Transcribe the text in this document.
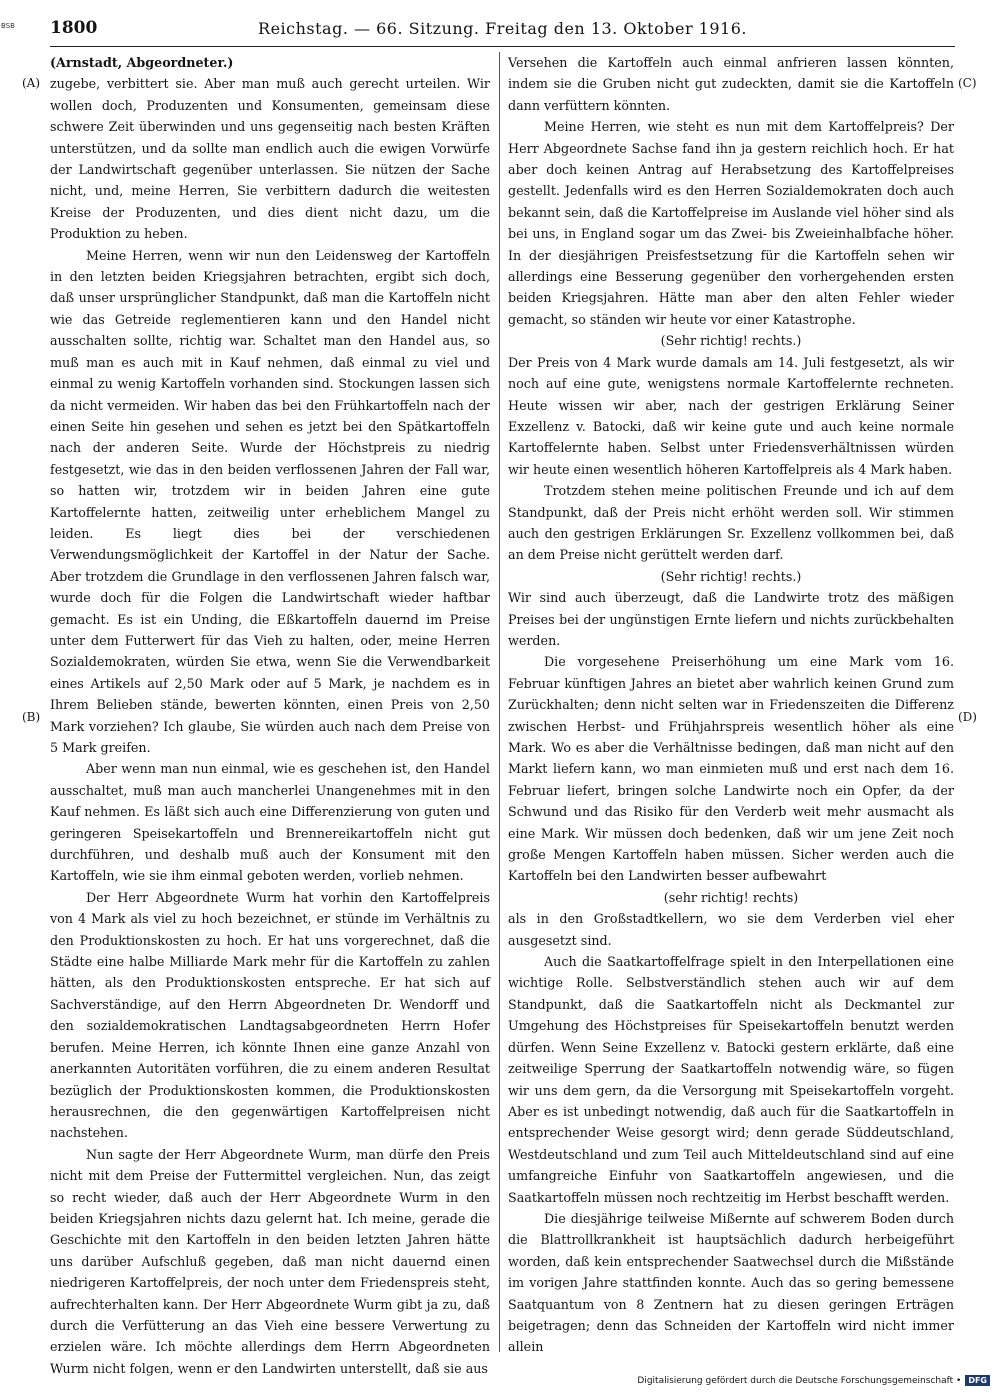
BSB 1800	Reichstag. — 66. Sitzung. Freitag den 13. Oktober 1916.
(A)
(B)
(C)
(D)

(Arnstadt, Abgeordneter.)

zugebe, verbittert sie. Aber man muß auch gerecht urteilen. Wir wollen doch, Produzenten und Konsumenten, gemeinsam diese schwere Zeit überwinden und uns gegenseitig nach besten Kräften unterstützen, und da sollte man endlich auch die ewigen Vorwürfe der Landwirtschaft gegenüber unterlassen. Sie nützen der Sache nicht, und, meine Herren, Sie verbittern dadurch die weitesten Kreise der Produzenten, und dies dient nicht dazu, um die Produktion zu heben.

Meine Herren, wenn wir nun den Leidensweg der Kartoffeln in den letzten beiden Kriegsjahren betrachten, ergibt sich doch, daß unser ursprünglicher Standpunkt, daß man die Kartoffeln nicht wie das Getreide reglementieren kann und den Handel nicht ausschalten sollte, richtig war. Schaltet man den Handel aus, so muß man es auch mit in Kauf nehmen, daß einmal zu viel und einmal zu wenig Kartoffeln vorhanden sind. Stockungen lassen sich da nicht vermeiden. Wir haben das bei den Frühkartoffeln nach der einen Seite hin gesehen und sehen es jetzt bei den Spätkartoffeln nach der anderen Seite. Wurde der Höchstpreis zu niedrig festgesetzt, wie das in den beiden verflossenen Jahren der Fall war, so hatten wir, trotzdem wir in beiden Jahren eine gute Kartoffelernte hatten, zeitweilig unter erheblichem Mangel zu leiden. Es liegt dies bei der verschiedenen Verwendungsmöglichkeit der Kartoffel in der Natur der Sache. Aber trotzdem die Grundlage in den verflossenen Jahren falsch war, wurde doch für die Folgen die Landwirtschaft wieder haftbar gemacht. Es ist ein Unding, die Eßkartoffeln dauernd im Preise unter dem Futterwert für das Vieh zu halten, oder, meine Herren Sozialdemokraten, würden Sie etwa, wenn Sie die Verwendbarkeit eines Artikels auf 2,50 Mark oder auf 5 Mark, je nachdem es in Ihrem Belieben stände, bewerten könnten, einen Preis von 2,50 Mark vorziehen? Ich glaube, Sie würden auch nach dem Preise von 5 Mark greifen.

Aber wenn man nun einmal, wie es geschehen ist, den Handel ausschaltet, muß man auch mancherlei Unangenehmes mit in den Kauf nehmen. Es läßt sich auch eine Differenzierung von guten und geringeren Speisekartoffeln und Brennereikartoffeln nicht gut durchführen, und deshalb muß auch der Konsument mit den Kartoffeln, wie sie ihm einmal geboten werden, vorlieb nehmen.

Der Herr Abgeordnete Wurm hat vorhin den Kartoffelpreis von 4 Mark als viel zu hoch bezeichnet, er stünde im Verhältnis zu den Produktionskosten zu hoch. Er hat uns vorgerechnet, daß die Städte eine halbe Milliarde Mark mehr für die Kartoffeln zu zahlen hätten, als den Produktionskosten entspreche. Er hat sich auf Sachverständige, auf den Herrn Abgeordneten Dr. Wendorff und den sozialdemokratischen Landtagsabgeordneten Herrn Hofer berufen. Meine Herren, ich könnte Ihnen eine ganze Anzahl von anerkannten Autoritäten vorführen, die zu einem anderen Resultat bezüglich der Produktionskosten kommen, die Produktionskosten herausrechnen, die den gegenwärtigen Kartoffelpreisen nicht nachstehen.

Nun sagte der Herr Abgeordnete Wurm, man dürfe den Preis nicht mit dem Preise der Futtermittel vergleichen. Nun, das zeigt so recht wieder, daß auch der Herr Abgeordnete Wurm in den beiden Kriegsjahren nichts dazu gelernt hat. Ich meine, gerade die Geschichte mit den Kartoffeln in den beiden letzten Jahren hätte uns darüber Aufschluß gegeben, daß man nicht dauernd einen niedrigeren Kartoffelpreis, der noch unter dem Friedenspreis steht, aufrechterhalten kann. Der Herr Abgeordnete Wurm gibt ja zu, daß durch die Verfütterung an das Vieh eine bessere Verwertung zu erzielen wäre. Ich möchte allerdings dem Herrn Abgeordneten Wurm nicht folgen, wenn er den Landwirten unterstellt, daß sie aus

Versehen die Kartoffeln auch einmal anfrieren lassen könnten, indem sie die Gruben nicht gut zudeckten, damit sie die Kartoffeln dann verfüttern könnten.

Meine Herren, wie steht es nun mit dem Kartoffelpreis? Der Herr Abgeordnete Sachse fand ihn ja gestern reichlich hoch. Er hat aber doch keinen Antrag auf Herabsetzung des Kartoffelpreises gestellt. Jedenfalls wird es den Herren Sozialdemokraten doch auch bekannt sein, daß die Kartoffelpreise im Auslande viel höher sind als bei uns, in England sogar um das Zwei- bis Zweieinhalbfache höher. In der diesjährigen Preisfestsetzung für die Kartoffeln sehen wir allerdings eine Besserung gegenüber den vorhergehenden ersten beiden Kriegsjahren. Hätte man aber den alten Fehler wieder gemacht, so ständen wir heute vor einer Katastrophe.

(Sehr richtig! rechts.)

Der Preis von 4 Mark wurde damals am 14. Juli festgesetzt, als wir noch auf eine gute, wenigstens normale Kartoffelernte rechneten. Heute wissen wir aber, nach der gestrigen Erklärung Seiner Exzellenz v. Batocki, daß wir keine gute und auch keine normale Kartoffelernte haben. Selbst unter Friedensverhältnissen würden wir heute einen wesentlich höheren Kartoffelpreis als 4 Mark haben.

Trotzdem stehen meine politischen Freunde und ich auf dem Standpunkt, daß der Preis nicht erhöht werden soll. Wir stimmen auch den gestrigen Erklärungen Sr. Exzellenz vollkommen bei, daß an dem Preise nicht gerüttelt werden darf.

(Sehr richtig! rechts.)

Wir sind auch überzeugt, daß die Landwirte trotz des mäßigen Preises bei der ungünstigen Ernte liefern und nichts zurückbehalten werden.

Die vorgesehene Preiserhöhung um eine Mark vom 16. Februar künftigen Jahres an bietet aber wahrlich keinen Grund zum Zurückhalten; denn nicht selten war in Friedenszeiten die Differenz zwischen Herbst- und Frühjahrspreis wesentlich höher als eine Mark. Wo es aber die Verhältnisse bedingen, daß man nicht auf den Markt liefern kann, wo man einmieten muß und erst nach dem 16. Februar liefert, bringen solche Landwirte noch ein Opfer, da der Schwund und das Risiko für den Verderb weit mehr ausmacht als eine Mark. Wir müssen doch bedenken, daß wir um jene Zeit noch große Mengen Kartoffeln haben müssen. Sicher werden auch die Kartoffeln bei den Landwirten besser aufbewahrt

(sehr richtig! rechts)

als in den Großstadtkellern, wo sie dem Verderben viel eher ausgesetzt sind.

Auch die Saatkartoffelfrage spielt in den Interpellationen eine wichtige Rolle. Selbstverständlich stehen auch wir auf dem Standpunkt, daß die Saatkartoffeln nicht als Deckmantel zur Umgehung des Höchstpreises für Speisekartoffeln benutzt werden dürfen. Wenn Seine Exzellenz v. Batocki gestern erklärte, daß eine zeitweilige Sperrung der Saatkartoffeln notwendig wäre, so fügen wir uns dem gern, da die Versorgung mit Speisekartoffeln vorgeht. Aber es ist unbedingt notwendig, daß auch für die Saatkartoffeln in entsprechender Weise gesorgt wird; denn gerade Süddeutschland, Westdeutschland und zum Teil auch Mitteldeutschland sind auf eine umfangreiche Einfuhr von Saatkartoffeln angewiesen, und die Saatkartoffeln müssen noch rechtzeitig im Herbst beschafft werden.

Die diesjährige teilweise Mißernte auf schwerem Boden durch die Blattrollkrankheit ist hauptsächlich dadurch herbeigeführt worden, daß kein entsprechender Saatwechsel durch die Mißstände im vorigen Jahre stattfinden konnte. Auch das so gering bemessene Saatquantum von 8 Zentnern hat zu diesen geringen Erträgen beigetragen; denn das Schneiden der Kartoffeln wird nicht immer allein

Digitalisierung gefördert durch die Deutsche Forschungsgemeinschaft • DFG
